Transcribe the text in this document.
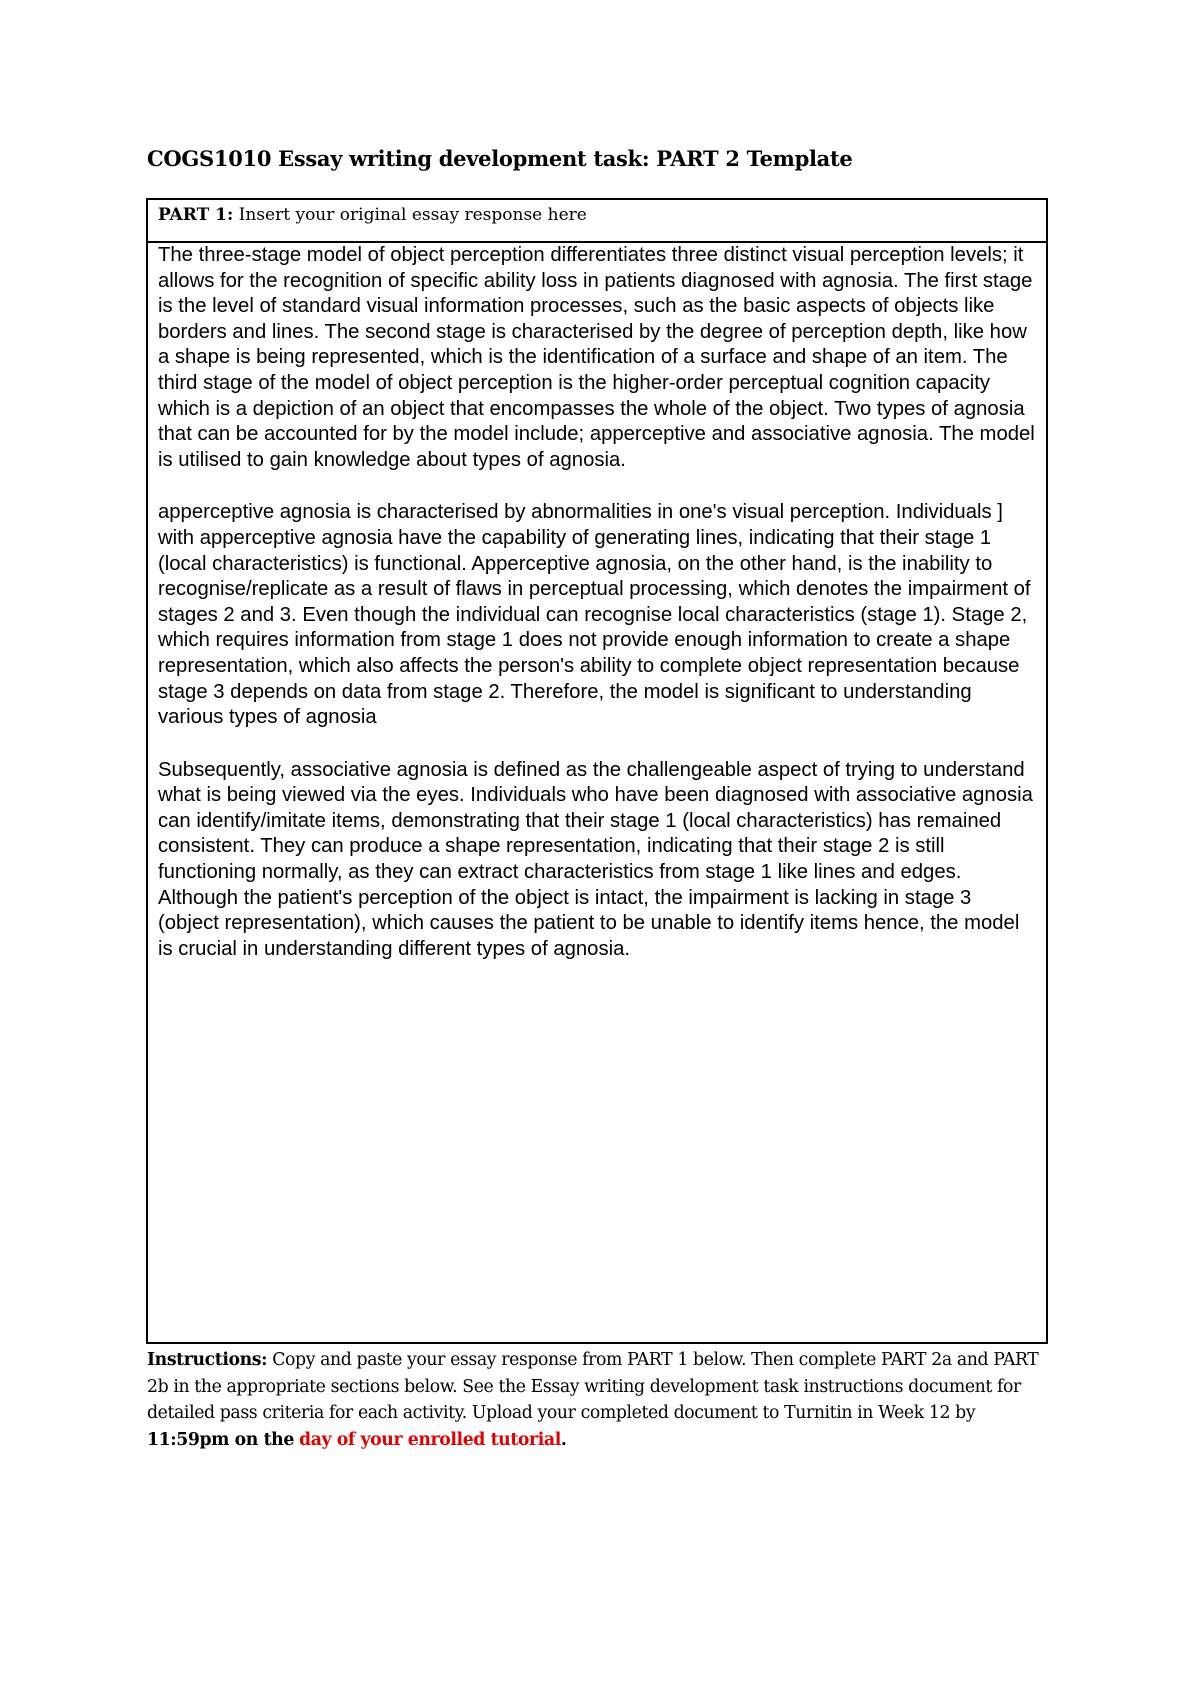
COGS1010 Essay writing development task: PART 2 Template
PART 1: Insert your original essay response here

The three-stage model of object perception differentiates three distinct visual perception levels; it allows for the recognition of specific ability loss in patients diagnosed with agnosia. The first stage is the level of standard visual information processes, such as the basic aspects of objects like borders and lines. The second stage is characterised by the degree of perception depth, like how a shape is being represented, which is the identification of a surface and shape of an item. The third stage of the model of object perception is the higher-order perceptual cognition capacity which is a depiction of an object that encompasses the whole of the object. Two types of agnosia that can be accounted for by the model include; apperceptive and associative agnosia. The model is utilised to gain knowledge about types of agnosia.

apperceptive agnosia is characterised by abnormalities in one's visual perception. Individuals ] with apperceptive agnosia have the capability of generating lines, indicating that their stage 1 (local characteristics) is functional. Apperceptive agnosia, on the other hand, is the inability to recognise/replicate as a result of flaws in perceptual processing, which denotes the impairment of stages 2 and 3. Even though the individual can recognise local characteristics (stage 1). Stage 2, which requires information from stage 1 does not provide enough information to create a shape representation, which also affects the person's ability to complete object representation because stage 3 depends on data from stage 2. Therefore, the model is significant to understanding various types of agnosia

Subsequently, associative agnosia is defined as the challengeable aspect of trying to understand what is being viewed via the eyes. Individuals who have been diagnosed with associative agnosia can identify/imitate items, demonstrating that their stage 1 (local characteristics) has remained consistent. They can produce a shape representation, indicating that their stage 2 is still functioning normally, as they can extract characteristics from stage 1 like lines and edges. Although the patient's perception of the object is intact, the impairment is lacking in stage 3 (object representation), which causes the patient to be unable to identify items hence, the model is crucial in understanding different types of agnosia.

Instructions: Copy and paste your essay response from PART 1 below. Then complete PART 2a and PART 2b in the appropriate sections below. See the Essay writing development task instructions document for detailed pass criteria for each activity. Upload your completed document to Turnitin in Week 12 by 11:59pm on the day of your enrolled tutorial.
